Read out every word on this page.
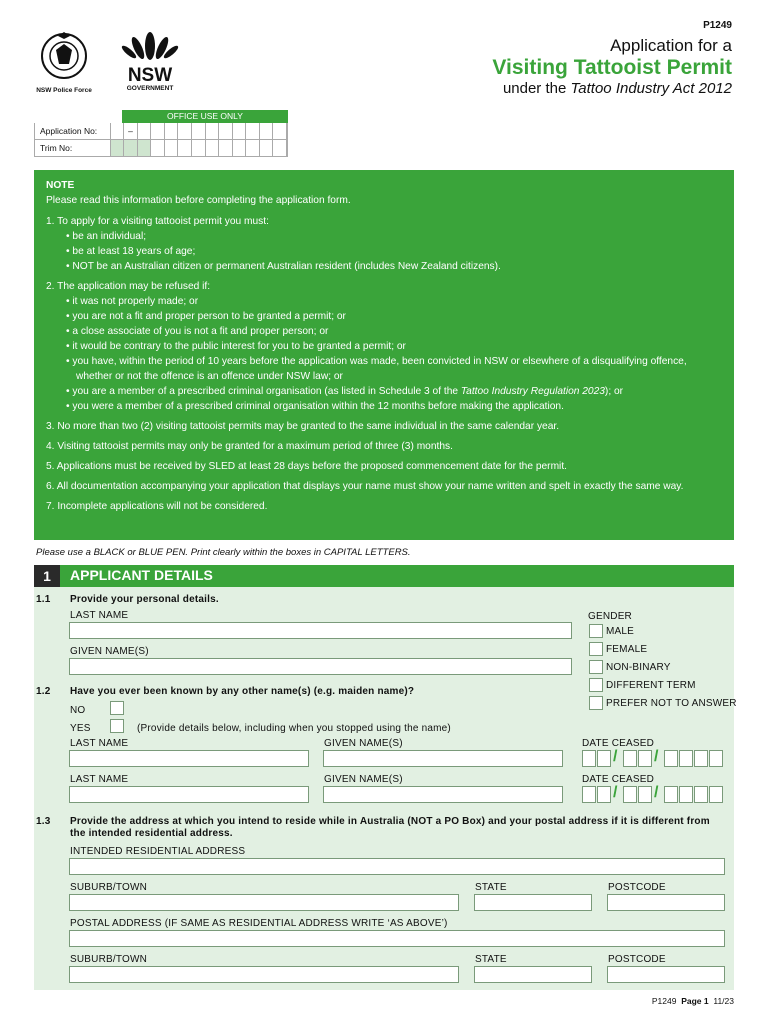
NSW Police Force
NSW
GOVERNMENT
P1249
Application for a
Visiting Tattooist Permit
under the Tattoo Industry Act 2012
OFFICE USE ONLY
Application No:	–
Trim No:

NOTE

Please read this information before completing the application form.

1. To apply for a visiting tattooist permit you must:

• be an individual;

• be at least 18 years of age;

• NOT be an Australian citizen or permanent Australian resident (includes New Zealand citizens).

2. The application may be refused if:

• it was not properly made; or

• you are not a fit and proper person to be granted a permit; or

• a close associate of you is not a fit and proper person; or

• it would be contrary to the public interest for you to be granted a permit; or

• you have, within the period of 10 years before the application was made, been convicted in NSW or elsewhere of a disqualifying offence, whether or not the offence is an offence under NSW law; or

• you are a member of a prescribed criminal organisation (as listed in Schedule 3 of the Tattoo Industry Regulation 2023); or

• you were a member of a prescribed criminal organisation within the 12 months before making the application.

3. No more than two (2) visiting tattooist permits may be granted to the same individual in the same calendar year.

4. Visiting tattooist permits may only be granted for a maximum period of three (3) months.

5. Applications must be received by SLED at least 28 days before the proposed commencement date for the permit.

6. All documentation accompanying your application that displays your name must show your name written and spelt in exactly the same way.

7. Incomplete applications will not be considered.

Please use a BLACK or BLUE PEN. Print clearly within the boxes in CAPITAL LETTERS.
1	APPLICANT DETAILS
1.1 Provide your personal details.
LAST NAME
GIVEN NAME(S)
GENDER
MALE
FEMALE
NON-BINARY
DIFFERENT TERM
PREFER NOT TO ANSWER
1.2 Have you ever been known by any other name(s) (e.g. maiden name)?
NO
YES	(Provide details below, including when you stopped using the name)
LAST NAME	GIVEN NAME(S)	DATE CEASED
LAST NAME	GIVEN NAME(S)	DATE CEASED
/ /
/ /
1.3 Provide the address at which you intend to reside while in Australia (NOT a PO Box) and your postal address if it is different from the intended residential address.
INTENDED RESIDENTIAL ADDRESS
SUBURB/TOWN	STATE	POSTCODE
POSTAL ADDRESS (IF SAME AS RESIDENTIAL ADDRESS WRITE ‘AS ABOVE’)
SUBURB/TOWN	STATE	POSTCODE
P1249 Page 1 11/23
